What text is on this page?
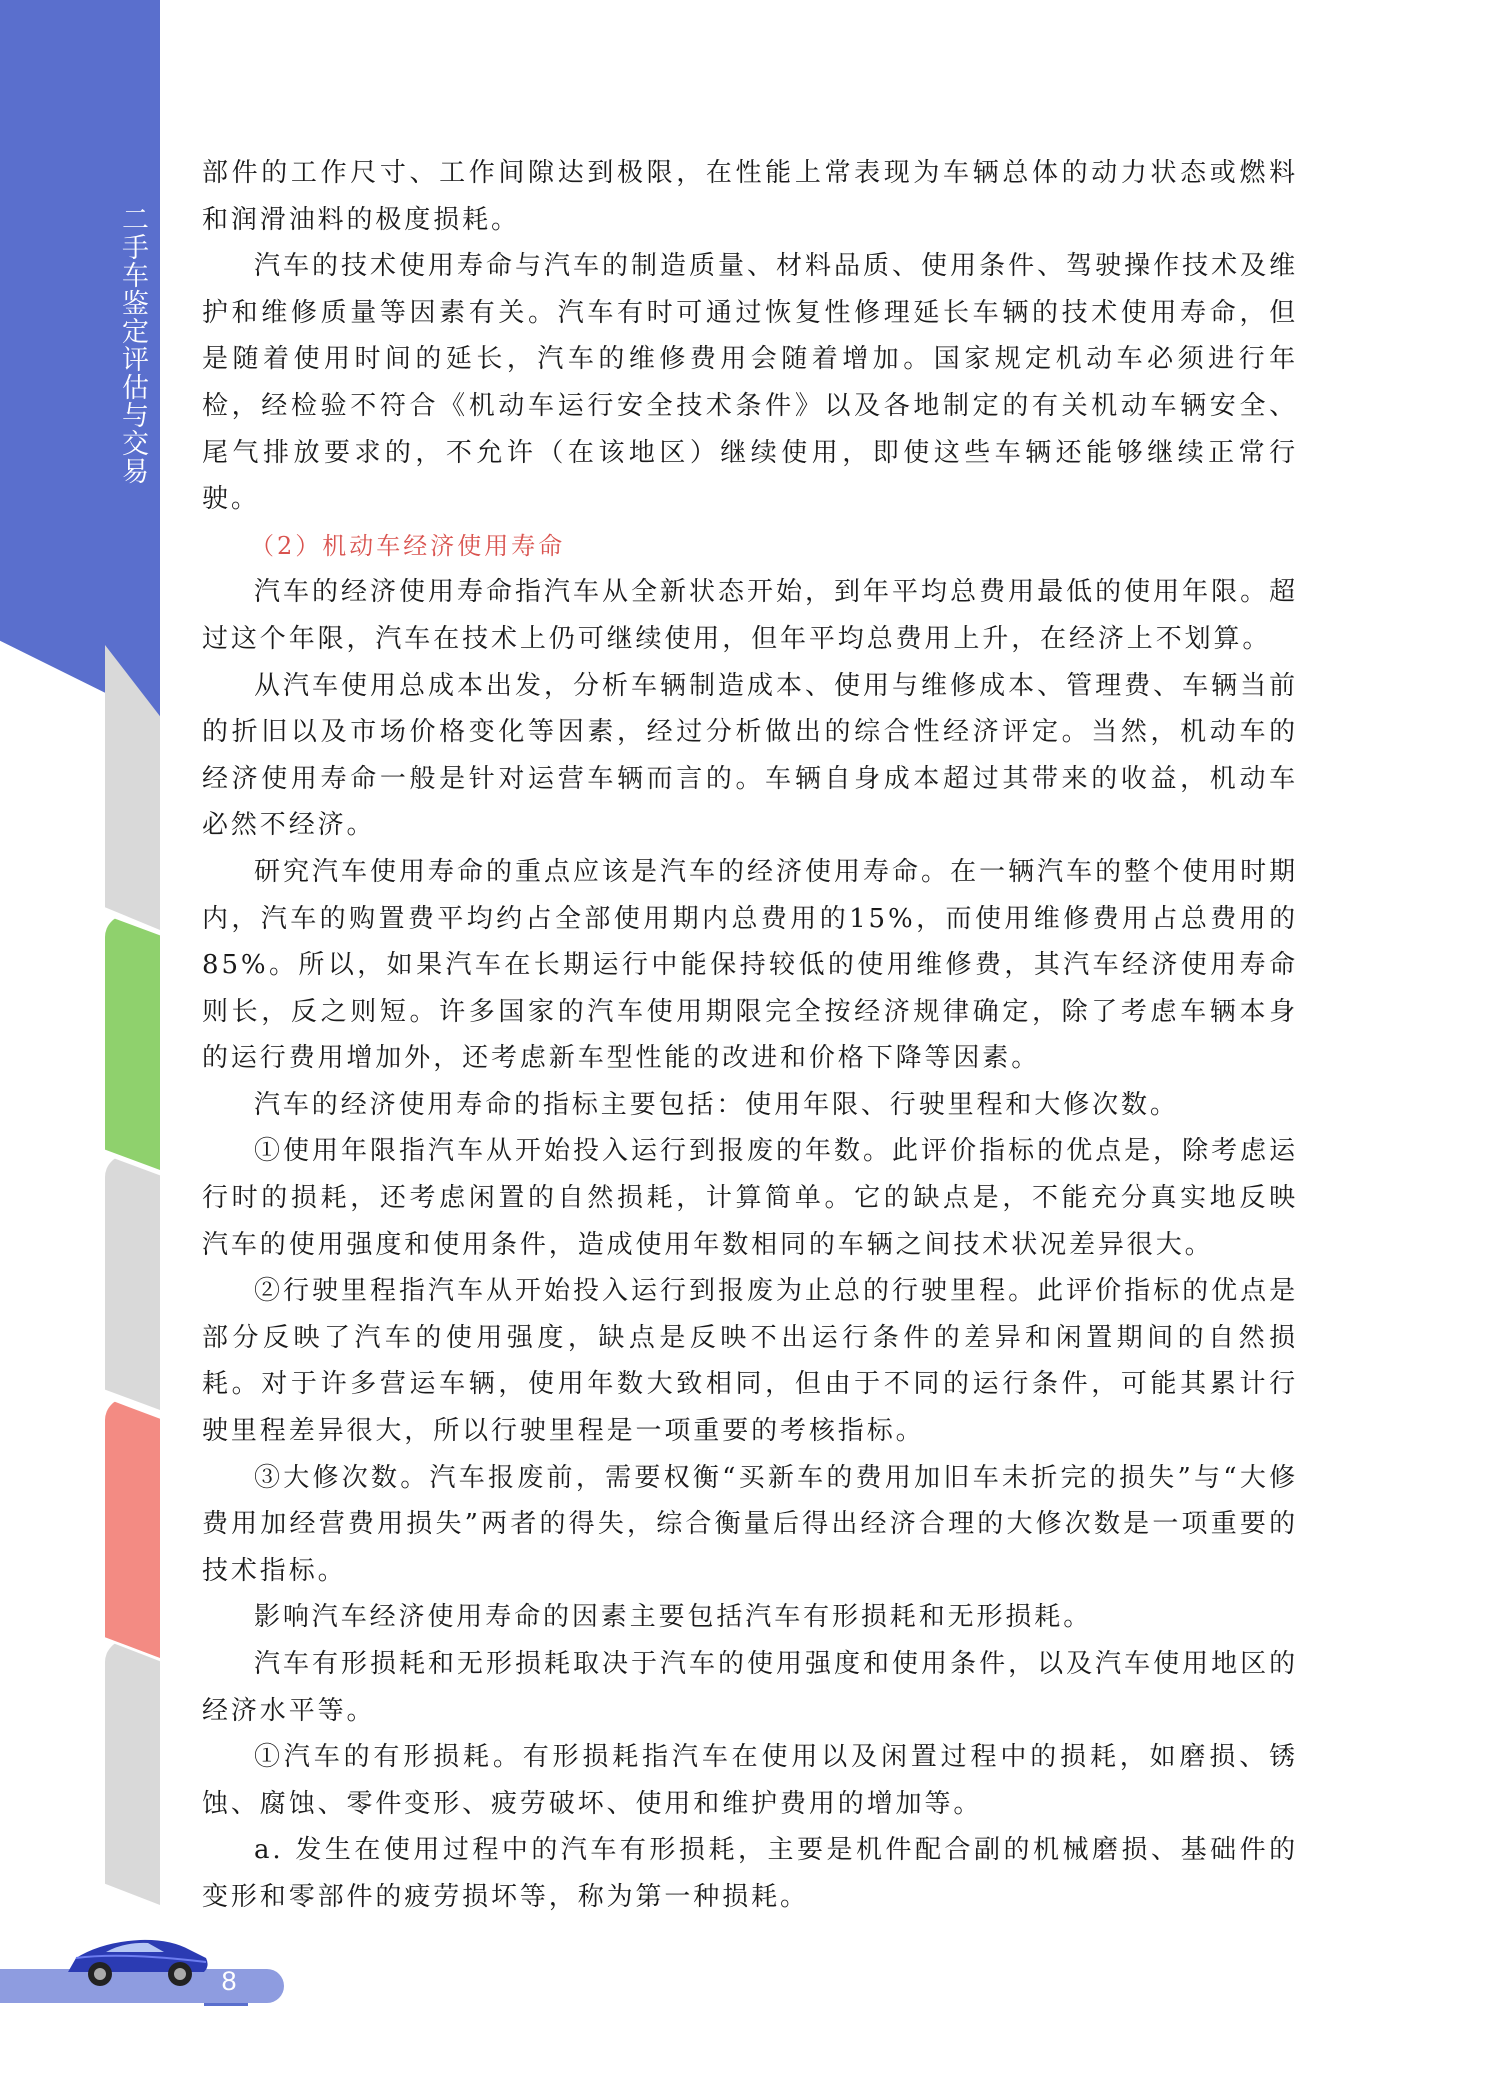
二手车鉴定评估与交易

部件的工作尺寸、工作间隙达到极限，在性能上常表现为车辆总体的动力状态或燃料和润滑油料的极度损耗。

汽车的技术使用寿命与汽车的制造质量、材料品质、使用条件、驾驶操作技术及维护和维修质量等因素有关。汽车有时可通过恢复性修理延长车辆的技术使用寿命，但是随着使用时间的延长，汽车的维修费用会随着增加。国家规定机动车必须进行年检，经检验不符合《机动车运行安全技术条件》以及各地制定的有关机动车辆安全、尾气排放要求的，不允许（在该地区）继续使用，即使这些车辆还能够继续正常行驶。

（2）机动车经济使用寿命

汽车的经济使用寿命指汽车从全新状态开始，到年平均总费用最低的使用年限。超过这个年限，汽车在技术上仍可继续使用，但年平均总费用上升，在经济上不划算。

从汽车使用总成本出发，分析车辆制造成本、使用与维修成本、管理费、车辆当前的折旧以及市场价格变化等因素，经过分析做出的综合性经济评定。当然，机动车的经济使用寿命一般是针对运营车辆而言的。车辆自身成本超过其带来的收益，机动车必然不经济。

研究汽车使用寿命的重点应该是汽车的经济使用寿命。在一辆汽车的整个使用时期内，汽车的购置费平均约占全部使用期内总费用的15%，而使用维修费用占总费用的85%。所以，如果汽车在长期运行中能保持较低的使用维修费，其汽车经济使用寿命则长，反之则短。许多国家的汽车使用期限完全按经济规律确定，除了考虑车辆本身的运行费用增加外，还考虑新车型性能的改进和价格下降等因素。

汽车的经济使用寿命的指标主要包括：使用年限、行驶里程和大修次数。

①使用年限指汽车从开始投入运行到报废的年数。此评价指标的优点是，除考虑运行时的损耗，还考虑闲置的自然损耗，计算简单。它的缺点是，不能充分真实地反映汽车的使用强度和使用条件，造成使用年数相同的车辆之间技术状况差异很大。

②行驶里程指汽车从开始投入运行到报废为止总的行驶里程。此评价指标的优点是部分反映了汽车的使用强度，缺点是反映不出运行条件的差异和闲置期间的自然损耗。对于许多营运车辆，使用年数大致相同，但由于不同的运行条件，可能其累计行驶里程差异很大，所以行驶里程是一项重要的考核指标。

③大修次数。汽车报废前，需要权衡“买新车的费用加旧车未折完的损失”与“大修费用加经营费用损失”两者的得失，综合衡量后得出经济合理的大修次数是一项重要的技术指标。

影响汽车经济使用寿命的因素主要包括汽车有形损耗和无形损耗。

汽车有形损耗和无形损耗取决于汽车的使用强度和使用条件，以及汽车使用地区的经济水平等。

①汽车的有形损耗。有形损耗指汽车在使用以及闲置过程中的损耗，如磨损、锈蚀、腐蚀、零件变形、疲劳破坏、使用和维护费用的增加等。

a. 发生在使用过程中的汽车有形损耗，主要是机件配合副的机械磨损、基础件的变形和零部件的疲劳损坏等，称为第一种损耗。

8
